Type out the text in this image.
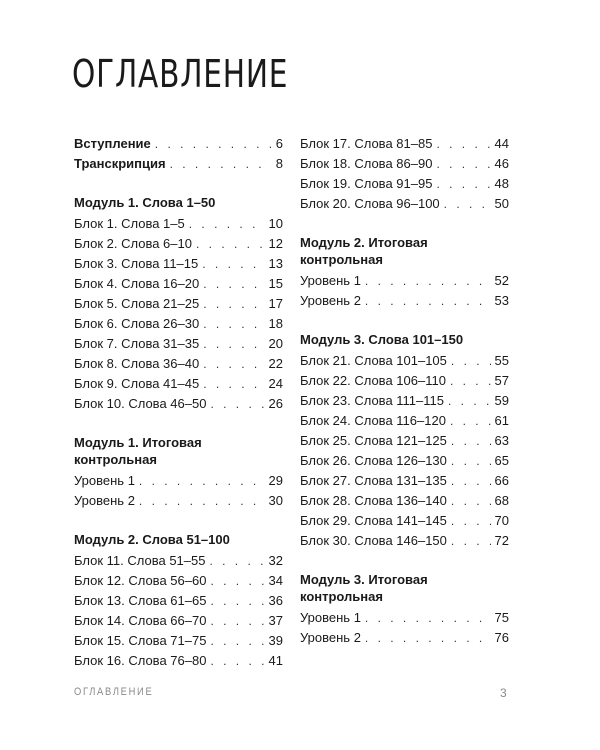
ОГЛАВЛЕНИЕ
Вступление . . .	6
Транскрипция . . .	8
Модуль 1. Слова 1–50
Блок 1. Слова 1–5 . . .	10
Блок 2. Слова 6–10 . . .	12
Блок 3. Слова 11–15 . . .	13
Блок 4. Слова 16–20 . . .	15
Блок 5. Слова 21–25 . . .	17
Блок 6. Слова 26–30 . . .	18
Блок 7. Слова 31–35 . . .	20
Блок 8. Слова 36–40 . . .	22
Блок 9. Слова 41–45 . . .	24
Блок 10. Слова 46–50 . . .	26
Модуль 1. Итоговая
контрольная
Уровень 1 . . .	29
Уровень 2 . . .	30
Модуль 2. Слова 51–100
Блок 11. Слова 51–55 . . .	32
Блок 12. Слова 56–60 . . .	34
Блок 13. Слова 61–65 . . .	36
Блок 14. Слова 66–70 . . .	37
Блок 15. Слова 71–75 . . .	39
Блок 16. Слова 76–80 . . .	41
Блок 17. Слова 81–85 . . .	44
Блок 18. Слова 86–90 . . .	46
Блок 19. Слова 91–95 . . .	48
Блок 20. Слова 96–100 . . .	50
Модуль 2. Итоговая
контрольная
Уровень 1 . . .	52
Уровень 2 . . .	53
Модуль 3. Слова 101–150
Блок 21. Слова 101–105 . . .	55
Блок 22. Слова 106–110 . . .	57
Блок 23. Слова 111–115 . . .	59
Блок 24. Слова 116–120 . . .	61
Блок 25. Слова 121–125 . . .	63
Блок 26. Слова 126–130 . . .	65
Блок 27. Слова 131–135 . . .	66
Блок 28. Слова 136–140 . . .	68
Блок 29. Слова 141–145 . . .	70
Блок 30. Слова 146–150 . . .	72
Модуль 3. Итоговая
контрольная
Уровень 1 . . .	75
Уровень 2 . . .	76
ОГЛАВЛЕНИЕ	3
